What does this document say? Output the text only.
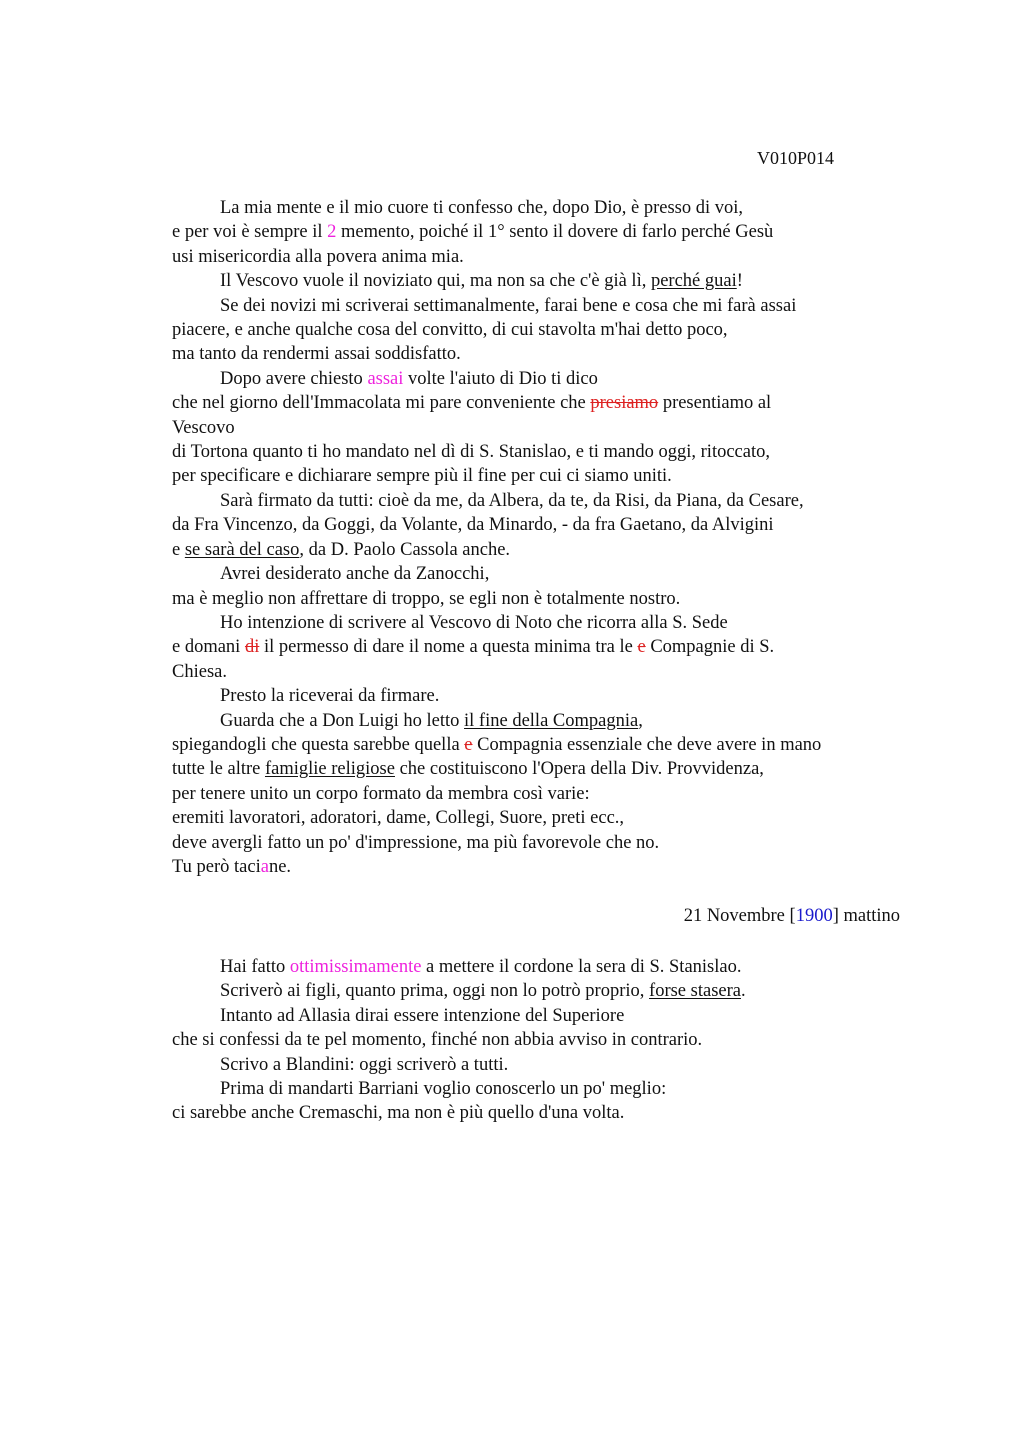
V010P014
La mia mente e il mio cuore ti confesso che, dopo Dio, è presso di voi,
e per voi è sempre il 2 memento, poiché il 1° sento il dovere di farlo perché Gesù
usi misericordia alla povera anima mia.
Il Vescovo vuole il noviziato qui, ma non sa che c'è già lì, perché guai!
Se dei novizi mi scriverai settimanalmente, farai bene e cosa che mi farà assai
piacere, e anche qualche cosa del convitto, di cui stavolta m'hai detto poco,
ma tanto da rendermi assai soddisfatto.
Dopo avere chiesto assai volte l'aiuto di Dio ti dico
che nel giorno dell'Immacolata mi pare conveniente che presiamo presentiamo al
Vescovo
di Tortona quanto ti ho mandato nel dì di S. Stanislao, e ti mando oggi, ritoccato,
per specificare e dichiarare sempre più il fine per cui ci siamo uniti.
Sarà firmato da tutti: cioè da me, da Albera, da te, da Risi, da Piana, da Cesare,
da Fra Vincenzo, da Goggi, da Volante, da Minardo, - da fra Gaetano, da Alvigini
e se sarà del caso, da D. Paolo Cassola anche.
Avrei desiderato anche da Zanocchi,
ma è meglio non affrettare di troppo, se egli non è totalmente nostro.
Ho intenzione di scrivere al Vescovo di Noto che ricorra alla S. Sede
e domani di il permesso di dare il nome a questa minima tra le e Compagnie di S.
Chiesa.
Presto la riceverai da firmare.
Guarda che a Don Luigi ho letto il fine della Compagnia,
spiegandogli che questa sarebbe quella e Compagnia essenziale che deve avere in mano
tutte le altre famiglie religiose che costituiscono l'Opera della Div. Provvidenza,
per tenere unito un corpo formato da membra così varie:
eremiti lavoratori, adoratori, dame, Collegi, Suore, preti ecc.,
deve avergli fatto un po' d'impressione, ma più favorevole che no.
Tu però taciane.
21 Novembre [1900] mattino
Hai fatto ottimissimamente a mettere il cordone la sera di S. Stanislao.
Scriverò ai figli, quanto prima, oggi non lo potrò proprio, forse stasera.
Intanto ad Allasia dirai essere intenzione del Superiore
che si confessi da te pel momento, finché non abbia avviso in contrario.
Scrivo a Blandini: oggi scriverò a tutti.
Prima di mandarti Barriani voglio conoscerlo un po' meglio:
ci sarebbe anche Cremaschi, ma non è più quello d'una volta.
